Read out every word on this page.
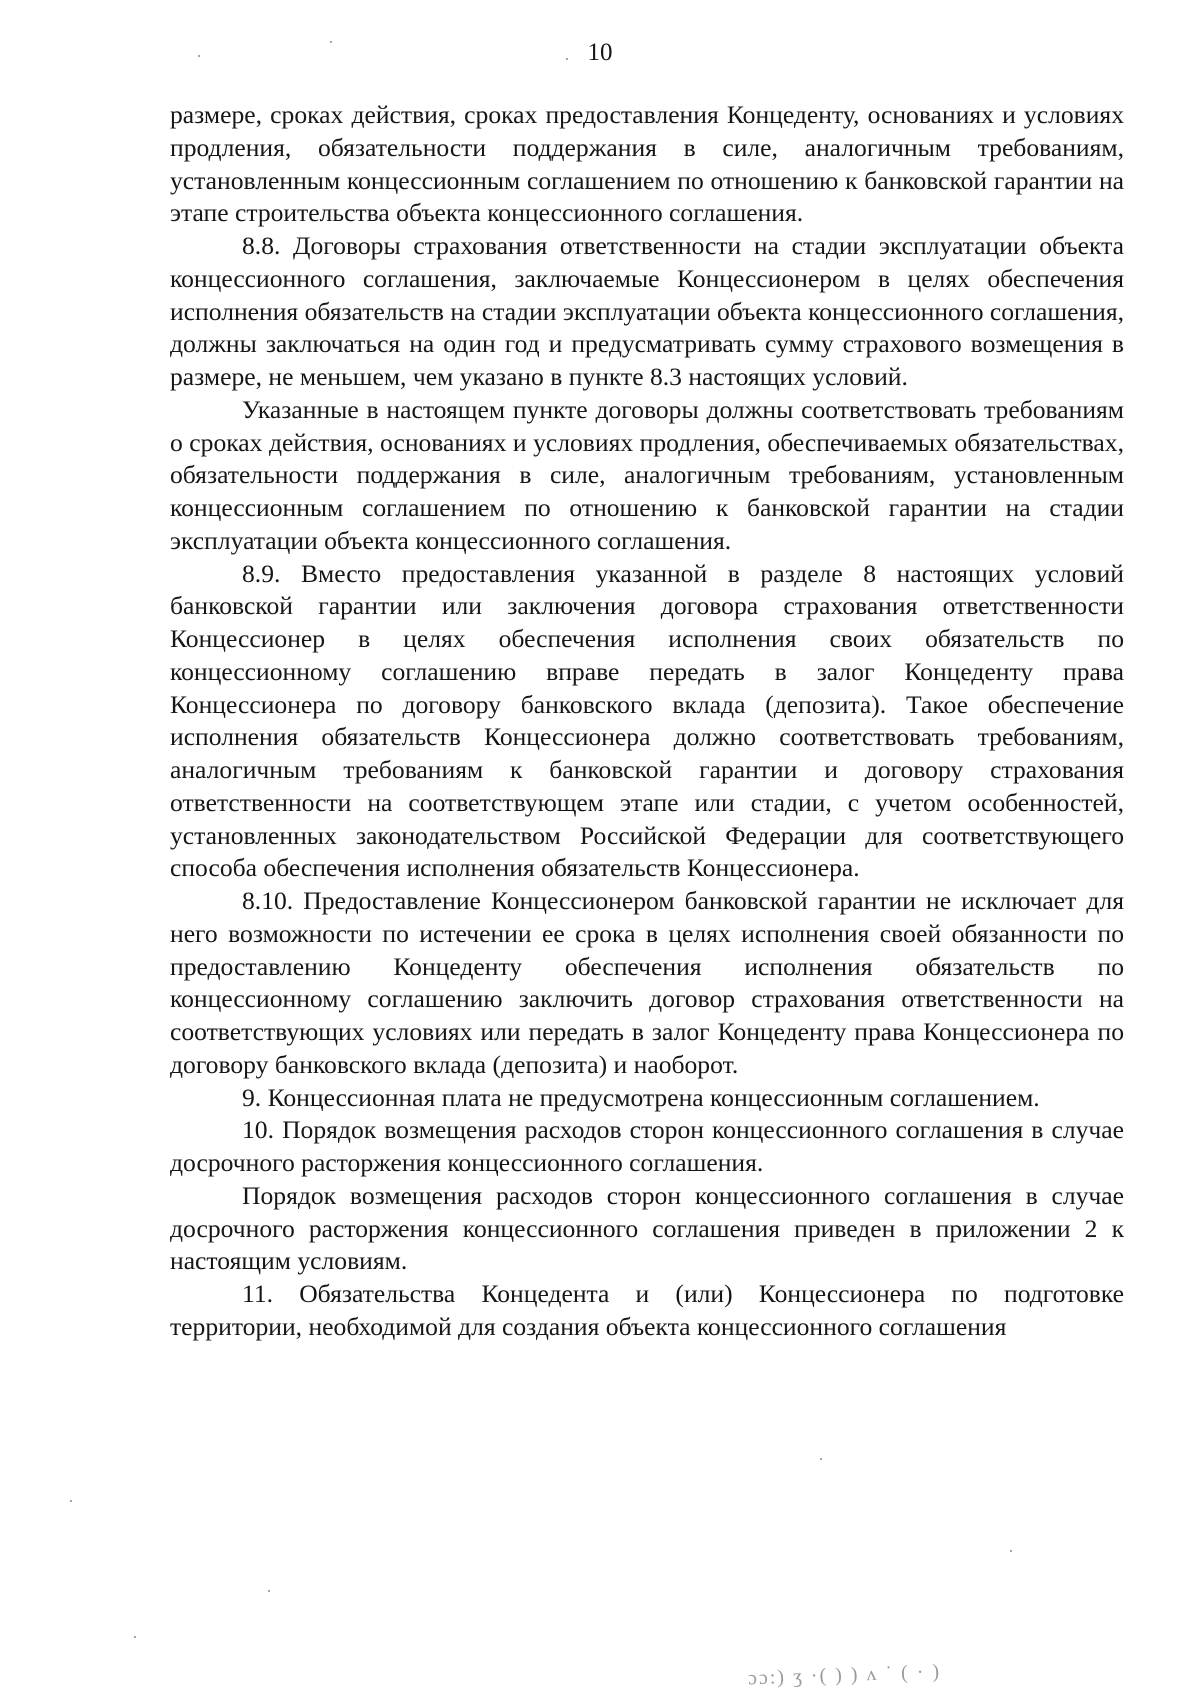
10

размере, сроках действия, сроках предоставления Концеденту, основаниях и условиях продления, обязательности поддержания в силе, аналогичным требованиям, установленным концессионным соглашением по отношению к банковской гарантии на этапе строительства объекта концессионного соглашения.

8.8. Договоры страхования ответственности на стадии эксплуатации объекта концессионного соглашения, заключаемые Концессионером в целях обеспечения исполнения обязательств на стадии эксплуатации объекта концессионного соглашения, должны заключаться на один год и предусматривать сумму страхового возмещения в размере, не меньшем, чем указано в пункте 8.3 настоящих условий.

Указанные в настоящем пункте договоры должны соответствовать требованиям о сроках действия, основаниях и условиях продления, обеспечиваемых обязательствах, обязательности поддержания в силе, аналогичным требованиям, установленным концессионным соглашением по отношению к банковской гарантии на стадии эксплуатации объекта концессионного соглашения.

8.9. Вместо предоставления указанной в разделе 8 настоящих условий банковской гарантии или заключения договора страхования ответственности Концессионер в целях обеспечения исполнения своих обязательств по концессионному соглашению вправе передать в залог Концеденту права Концессионера по договору банковского вклада (депозита). Такое обеспечение исполнения обязательств Концессионера должно соответствовать требованиям, аналогичным требованиям к банковской гарантии и договору страхования ответственности на соответствующем этапе или стадии, с учетом особенностей, установленных законодательством Российской Федерации для соответствующего способа обеспечения исполнения обязательств Концессионера.

8.10. Предоставление Концессионером банковской гарантии не исключает для него возможности по истечении ее срока в целях исполнения своей обязанности по предоставлению Концеденту обеспечения исполнения обязательств по концессионному соглашению заключить договор страхования ответственности на соответствующих условиях или передать в залог Концеденту права Концессионера по договору банковского вклада (депозита) и наоборот.

9. Концессионная плата не предусмотрена концессионным соглашением.

10. Порядок возмещения расходов сторон концессионного соглашения в случае досрочного расторжения концессионного соглашения.

Порядок возмещения расходов сторон концессионного соглашения в случае досрочного расторжения концессионного соглашения приведен в приложении 2 к настоящим условиям.

11. Обязательства Концедента и (или) Концессионера по подготовке территории, необходимой для создания объекта концессионного соглашения

ɔɔ:) ʒ ·( ) ) ʌ ˙ ( · )
